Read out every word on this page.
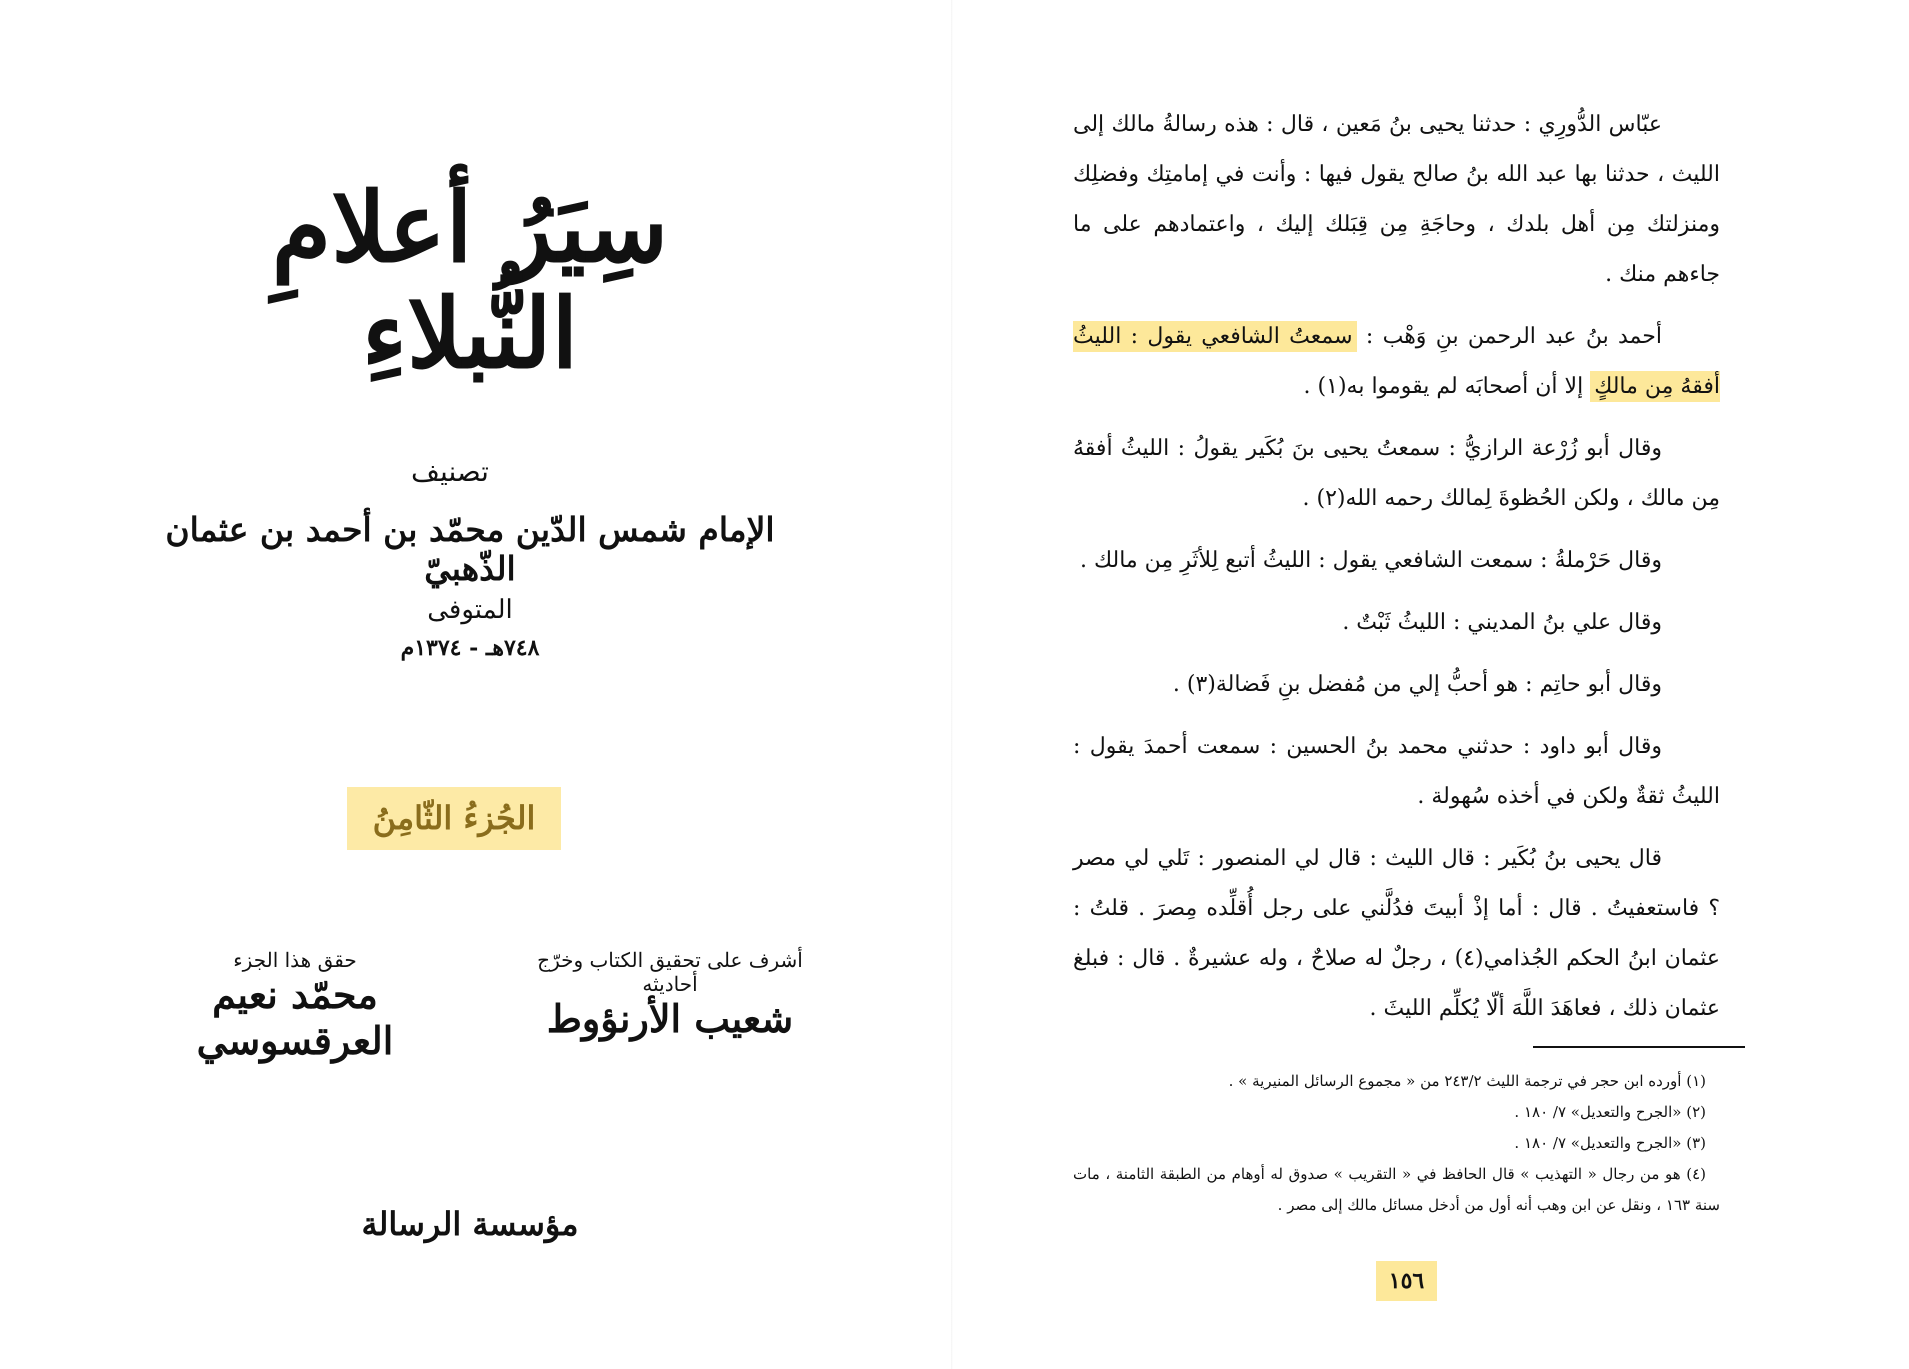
سِيَرُ أعلامِ النُّبلاءِ
تصنيف
الإمام شمس الدّين محمّد بن أحمد بن عثمان الذّهبيّ
المتوفى
٧٤٨هـ - ١٣٧٤م
الجُزءُ الثّامِنُ
أشرف على تحقيق الكتاب وخرّج أحاديثه
شعيب الأرنؤوط
حقق هذا الجزء
محمّد نعيم العرقسوسي
مؤسسة الرسالة

عبّاس الدُّورِي : حدثنا يحيى بنُ مَعين ، قال : هذه رسالةُ مالك إلى الليث ، حدثنا بها عبد الله بنُ صالح يقول فيها : وأنت في إمامتِك وفضلِك ومنزلتك مِن أهل بلدك ، وحاجَةِ مِن قِبَلك إليك ، واعتمادهم على ما جاءهم منك .

أحمد بنُ عبد الرحمن بنِ وَهْب : سمعتُ الشافعي يقول : الليثُ أفقهُ مِن مالكٍ إلا أن أصحابَه لم يقوموا به(١) .

وقال أبو زُرْعة الرازيُّ : سمعتُ يحيى بنَ بُكَير يقولُ : الليثُ أفقهُ مِن مالك ، ولكن الحُظوةَ لِمالك رحمه الله(٢) .

وقال حَرْملةُ : سمعت الشافعي يقول : الليثُ أتبع لِلأثَرِ مِن مالك .

وقال علي بنُ المديني : الليثُ ثَبْتٌ .

وقال أبو حاتِم : هو أحبُّ إلي من مُفضل بنِ فَضالة(٣) .

وقال أبو داود : حدثني محمد بنُ الحسين : سمعت أحمدَ يقول : الليثُ ثقةٌ ولكن في أخذه سُهولة .

قال يحيى بنُ بُكَير : قال الليث : قال لي المنصور : تَلي لي مصر ؟ فاستعفيتُ . قال : أما إذْ أبيتَ فدُلَّني على رجل أُقلِّده مِصرَ . قلتُ : عثمان ابنُ الحكم الجُذامي(٤) ، رجلٌ له صلاحٌ ، وله عشيرةٌ . قال : فبلغ عثمان ذلك ، فعاهَدَ اللَّهَ ألّا يُكلِّم الليثَ .

(١) أورده ابن حجر في ترجمة الليث ٢٤٣/٢ من « مجموع الرسائل المنيرية » .

(٢) «الجرح والتعديل» ٧/ ١٨٠ .

(٣) «الجرح والتعديل» ٧/ ١٨٠ .

(٤) هو من رجال « التهذيب » قال الحافظ في « التقريب » صدوق له أوهام من الطبقة الثامنة ، مات سنة ١٦٣ ، ونقل عن ابن وهب أنه أول من أدخل مسائل مالك إلى مصر .

١٥٦
